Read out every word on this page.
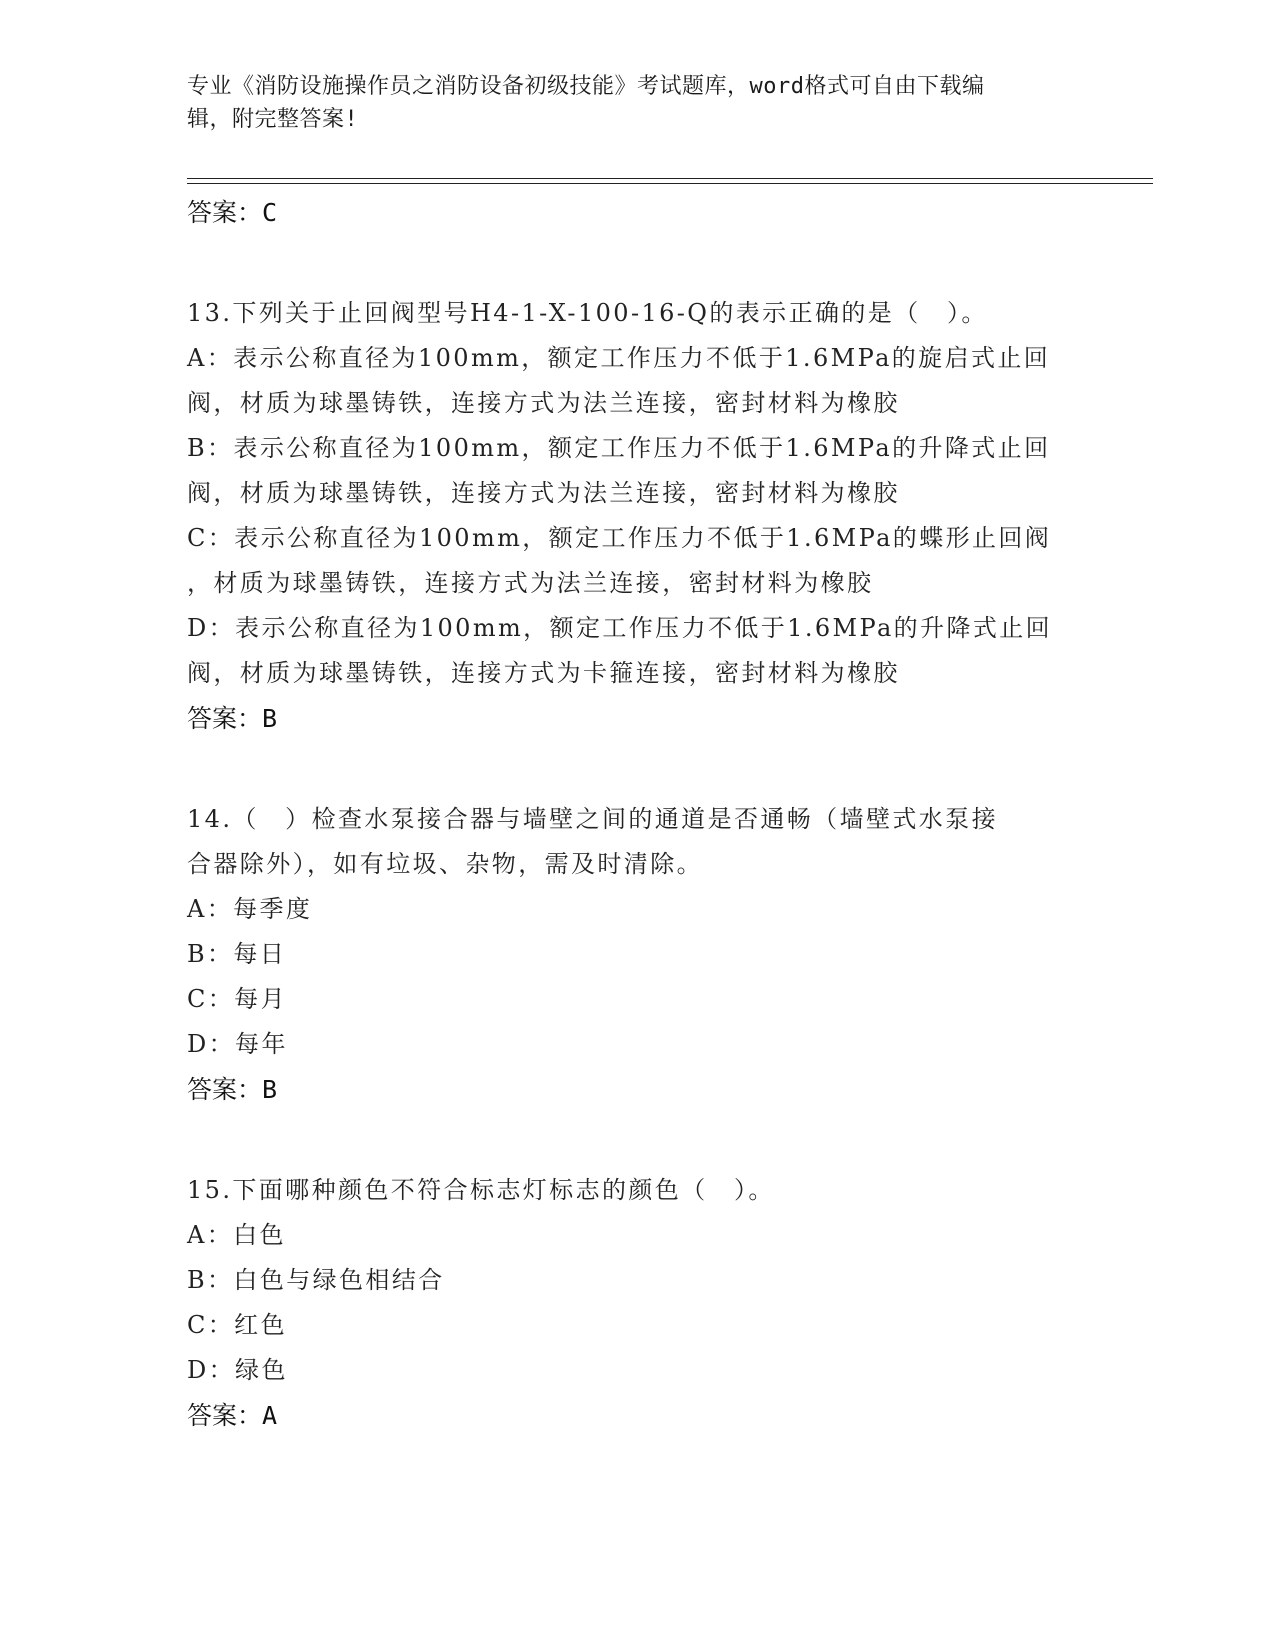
专业《消防设施操作员之消防设备初级技能》考试题库，word格式可自由下载编
辑，附完整答案!
答案：C
13.下列关于止回阀型号H4-1-X-100-16-Q的表示正确的是（　）。
A：表示公称直径为100mm，额定工作压力不低于1.6MPa的旋启式止回
阀，材质为球墨铸铁，连接方式为法兰连接，密封材料为橡胶
B：表示公称直径为100mm，额定工作压力不低于1.6MPa的升降式止回
阀，材质为球墨铸铁，连接方式为法兰连接，密封材料为橡胶
C：表示公称直径为100mm，额定工作压力不低于1.6MPa的蝶形止回阀
，材质为球墨铸铁，连接方式为法兰连接，密封材料为橡胶
D：表示公称直径为100mm，额定工作压力不低于1.6MPa的升降式止回
阀，材质为球墨铸铁，连接方式为卡箍连接，密封材料为橡胶
答案：B
14.（　）检查水泵接合器与墙壁之间的通道是否通畅（墙壁式水泵接
合器除外），如有垃圾、杂物，需及时清除。
A：每季度
B：每日
C：每月
D：每年
答案：B
15.下面哪种颜色不符合标志灯标志的颜色（　）。
A：白色
B：白色与绿色相结合
C：红色
D：绿色
答案：A
